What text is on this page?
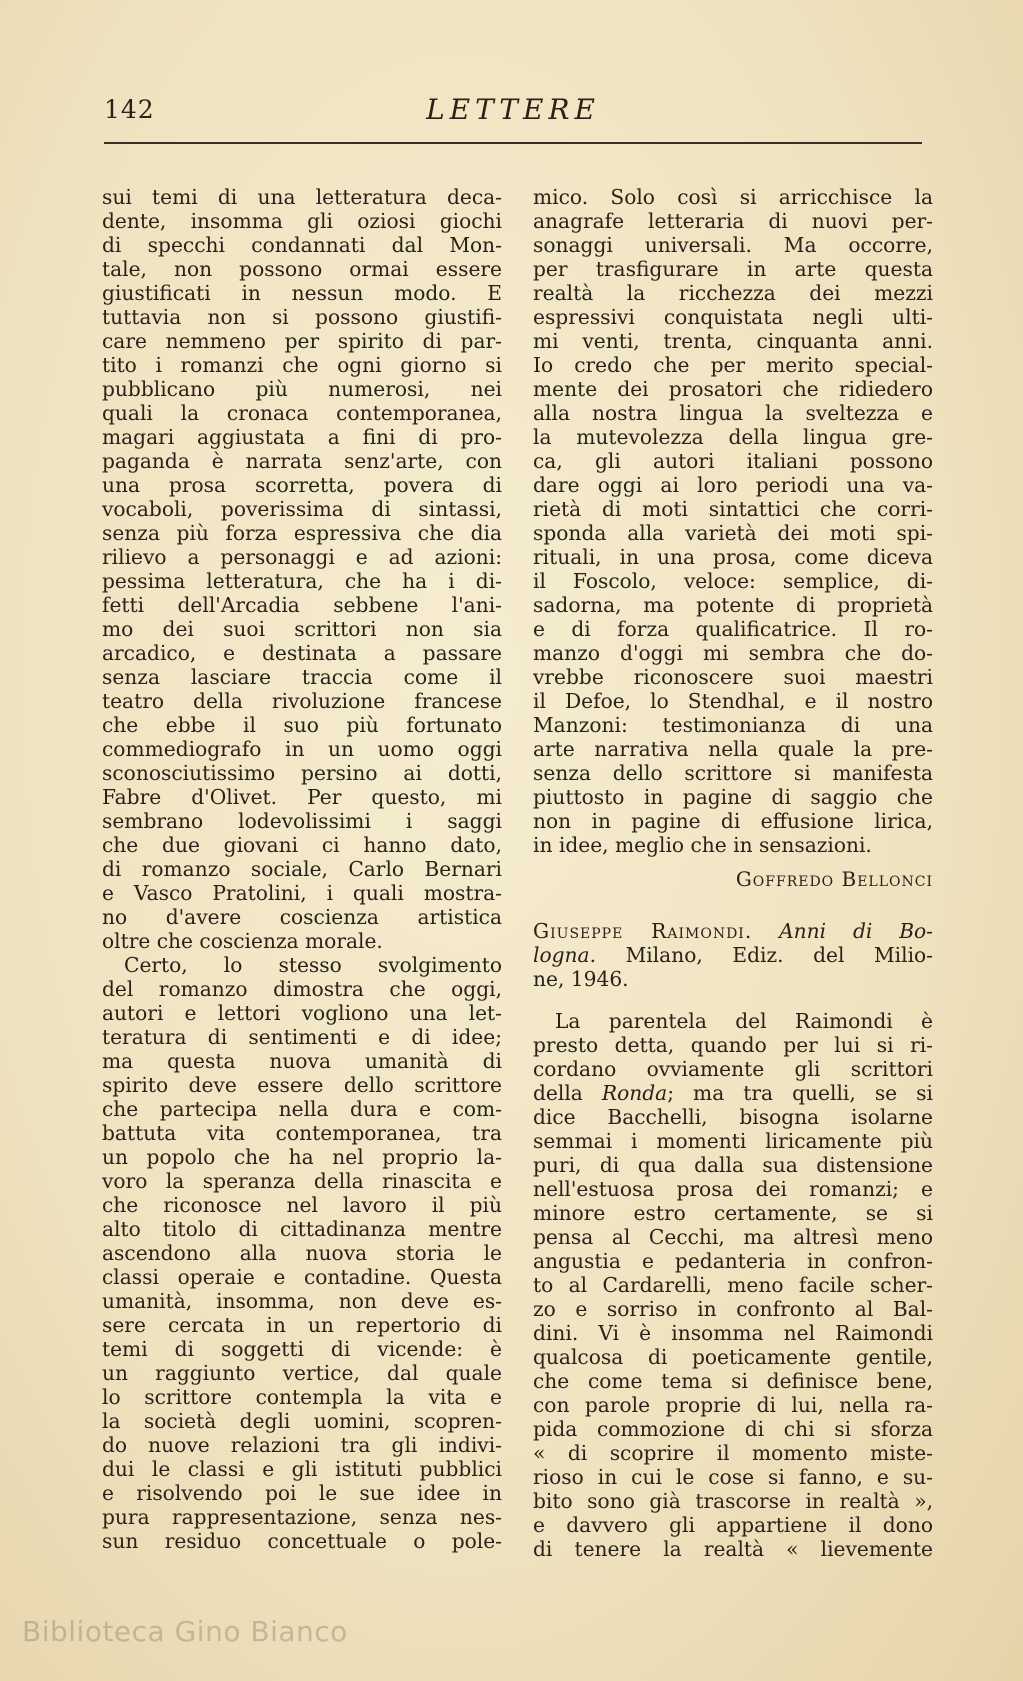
142	LETTERE
sui temi di una letteratura deca-
dente, insomma gli oziosi giochi
di specchi condannati dal Mon-
tale, non possono ormai essere
giustificati in nessun modo. E
tuttavia non si possono giustifi-
care nemmeno per spirito di par-
tito i romanzi che ogni giorno si
pubblicano più numerosi, nei
quali la cronaca contemporanea,
magari aggiustata a fini di pro-
paganda è narrata senz'arte, con
una prosa scorretta, povera di
vocaboli, poverissima di sintassi,
senza più forza espressiva che dia
rilievo a personaggi e ad azioni:
pessima letteratura, che ha i di-
fetti dell'Arcadia sebbene l'ani-
mo dei suoi scrittori non sia
arcadico, e destinata a passare
senza lasciare traccia come il
teatro della rivoluzione francese
che ebbe il suo più fortunato
commediografo in un uomo oggi
sconosciutissimo persino ai dotti,
Fabre d'Olivet. Per questo, mi
sembrano lodevolissimi i saggi
che due giovani ci hanno dato,
di romanzo sociale, Carlo Bernari
e Vasco Pratolini, i quali mostra-
no d'avere coscienza artistica
oltre che coscienza morale.
Certo, lo stesso svolgimento
del romanzo dimostra che oggi,
autori e lettori vogliono una let-
teratura di sentimenti e di idee;
ma questa nuova umanità di
spirito deve essere dello scrittore
che partecipa nella dura e com-
battuta vita contemporanea, tra
un popolo che ha nel proprio la-
voro la speranza della rinascita e
che riconosce nel lavoro il più
alto titolo di cittadinanza mentre
ascendono alla nuova storia le
classi operaie e contadine. Questa
umanità, insomma, non deve es-
sere cercata in un repertorio di
temi di soggetti di vicende: è
un raggiunto vertice, dal quale
lo scrittore contempla la vita e
la società degli uomini, scopren-
do nuove relazioni tra gli indivi-
dui le classi e gli istituti pubblici
e risolvendo poi le sue idee in
pura rappresentazione, senza nes-
sun residuo concettuale o pole-
mico. Solo così si arricchisce la
anagrafe letteraria di nuovi per-
sonaggi universali. Ma occorre,
per trasfigurare in arte questa
realtà la ricchezza dei mezzi
espressivi conquistata negli ulti-
mi venti, trenta, cinquanta anni.
Io credo che per merito special-
mente dei prosatori che ridiedero
alla nostra lingua la sveltezza e
la mutevolezza della lingua gre-
ca, gli autori italiani possono
dare oggi ai loro periodi una va-
rietà di moti sintattici che corri-
sponda alla varietà dei moti spi-
rituali, in una prosa, come diceva
il Foscolo, veloce: semplice, di-
sadorna, ma potente di proprietà
e di forza qualificatrice. Il ro-
manzo d'oggi mi sembra che do-
vrebbe riconoscere suoi maestri
il Defoe, lo Stendhal, e il nostro
Manzoni: testimonianza di una
arte narrativa nella quale la pre-
senza dello scrittore si manifesta
piuttosto in pagine di saggio che
non in pagine di effusione lirica,
in idee, meglio che in sensazioni.
Goffredo Bellonci
Giuseppe Raimondi. Anni di Bo-
logna. Milano, Ediz. del Milio-
ne, 1946.
La parentela del Raimondi è
presto detta, quando per lui si ri-
cordano ovviamente gli scrittori
della Ronda; ma tra quelli, se si
dice Bacchelli, bisogna isolarne
semmai i momenti liricamente più
puri, di qua dalla sua distensione
nell'estuosa prosa dei romanzi; e
minore estro certamente, se si
pensa al Cecchi, ma altresì meno
angustia e pedanteria in confron-
to al Cardarelli, meno facile scher-
zo e sorriso in confronto al Bal-
dini. Vi è insomma nel Raimondi
qualcosa di poeticamente gentile,
che come tema si definisce bene,
con parole proprie di lui, nella ra-
pida commozione di chi si sforza
« di scoprire il momento miste-
rioso in cui le cose si fanno, e su-
bito sono già trascorse in realtà »,
e davvero gli appartiene il dono
di tenere la realtà « lievemente
Biblioteca Gino Bianco
